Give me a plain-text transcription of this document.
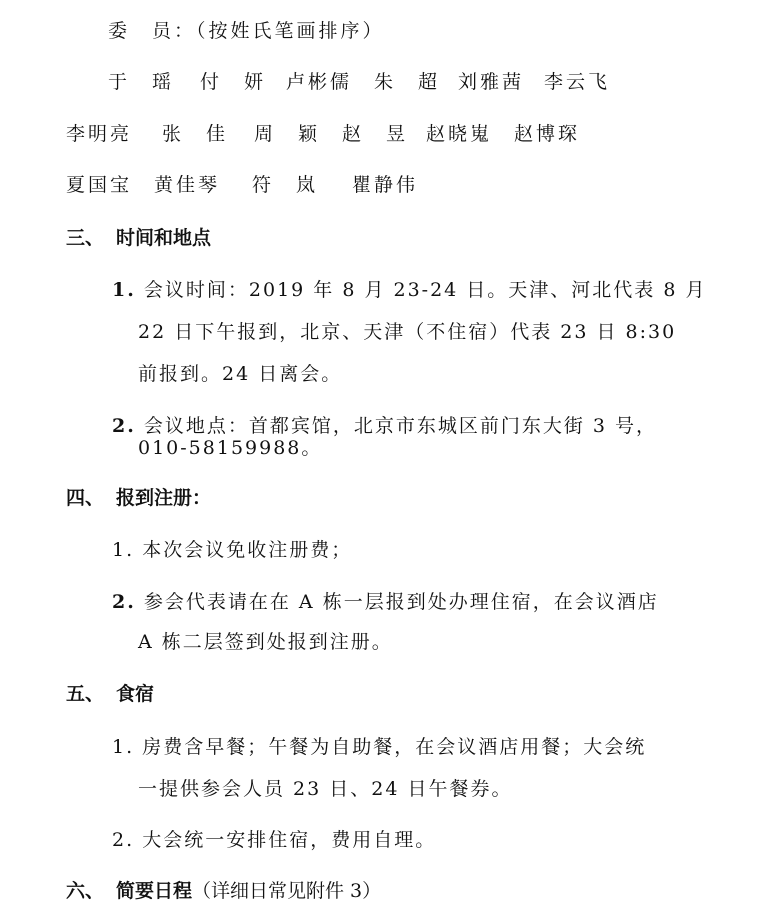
委　员：（按姓氏笔画排序）
于　瑶 付　妍 卢彬儒 朱　超 刘雅茜 李云飞
李明亮 张　佳 周　颖 赵　昱 赵晓嵬 赵博琛
夏国宝 黄佳琴 符　岚 瞿静伟
三、 时间和地点
1. 会议时间：2019 年 8 月 23-24 日。天津、河北代表 8 月
22 日下午报到，北京、天津（不住宿）代表 23 日 8:30
前报到。24 日离会。
2. 会议地点：首都宾馆，北京市东城区前门东大街 3 号，
010-58159988。
四、 报到注册：
1. 本次会议免收注册费；
2. 参会代表请在在 A 栋一层报到处办理住宿，在会议酒店
A 栋二层签到处报到注册。
五、 食宿
1. 房费含早餐；午餐为自助餐，在会议酒店用餐；大会统
一提供参会人员 23 日、24 日午餐券。
2. 大会统一安排住宿，费用自理。
六、 简要日程（详细日常见附件 3）
